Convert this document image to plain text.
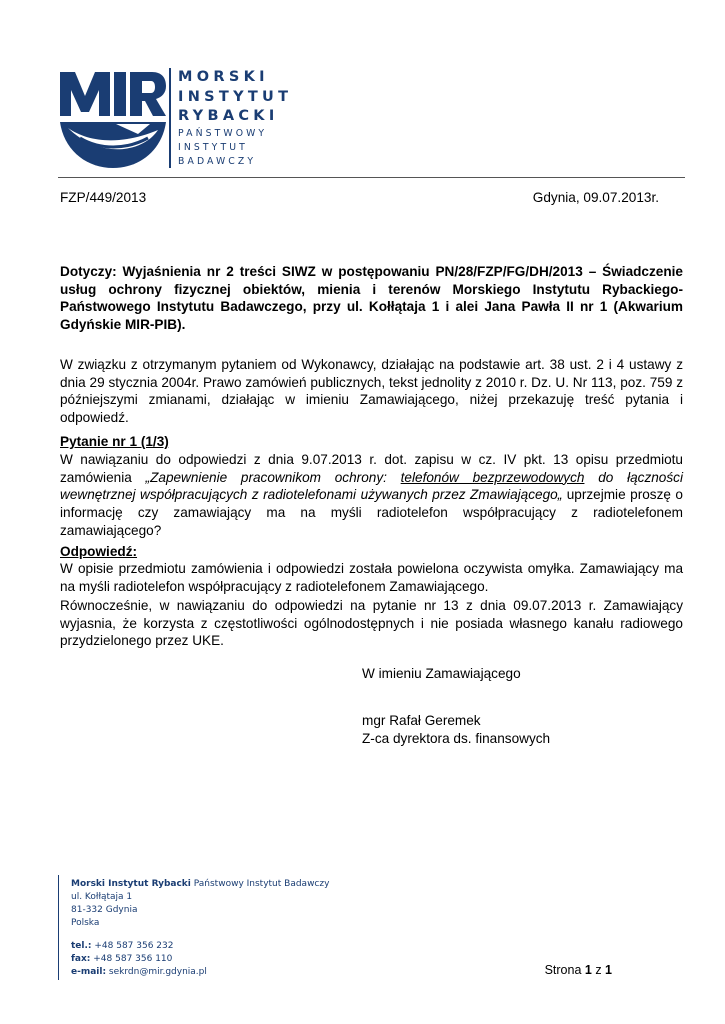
MORSKI
INSTYTUT
RYBACKI
PAŃSTWOWY
INSTYTUT
BADAWCZY
FZP/449/2013	Gdynia, 09.07.2013r.
Dotyczy: Wyjaśnienia nr 2 treści SIWZ w postępowaniu PN/28/FZP/FG/DH/2013 – Świadczenie usług ochrony fizycznej obiektów, mienia i terenów Morskiego Instytutu Rybackiego-Państwowego Instytutu Badawczego, przy ul. Kołłątaja 1 i alei Jana Pawła II nr 1 (Akwarium Gdyńskie MIR-PIB).
W związku z otrzymanym pytaniem od Wykonawcy, działając na podstawie art. 38 ust. 2 i 4 ustawy z dnia 29 stycznia 2004r. Prawo zamówień publicznych, tekst jednolity z 2010 r. Dz. U. Nr 113, poz. 759 z późniejszymi zmianami, działając w imieniu Zamawiającego, niżej przekazuję treść pytania i odpowiedź.
Pytanie nr 1 (1/3)
W nawiązaniu do odpowiedzi z dnia 9.07.2013 r. dot. zapisu w cz. IV pkt. 13 opisu przedmiotu zamówienia „Zapewnienie pracownikom ochrony: telefonów bezprzewodowych do łączności wewnętrznej współpracujących z radiotelefonami używanych przez Zmawiającego„ uprzejmie proszę o informację czy zamawiający ma na myśli radiotelefon współpracujący z radiotelefonem zamawiającego?
Odpowiedź:
W opisie przedmiotu zamówienia i odpowiedzi została powielona oczywista omyłka. Zamawiający ma na myśli radiotelefon współpracujący z radiotelefonem Zamawiającego.
Równocześnie, w nawiązaniu do odpowiedzi na pytanie nr 13 z dnia 09.07.2013 r. Zamawiający wyjasnia, że korzysta z częstotliwości ogólnodostępnych i nie posiada własnego kanału radiowego przydzielonego przez UKE.
W imieniu Zamawiającego
mgr Rafał Geremek
Z-ca dyrektora ds. finansowych
Morski Instytut Rybacki Państwowy Instytut Badawczy
ul. Kołłątaja 1
81-332 Gdynia
Polska
tel.: +48 587 356 232
fax: +48 587 356 110
e-mail: sekrdn@mir.gdynia.pl	Strona 1 z 1
